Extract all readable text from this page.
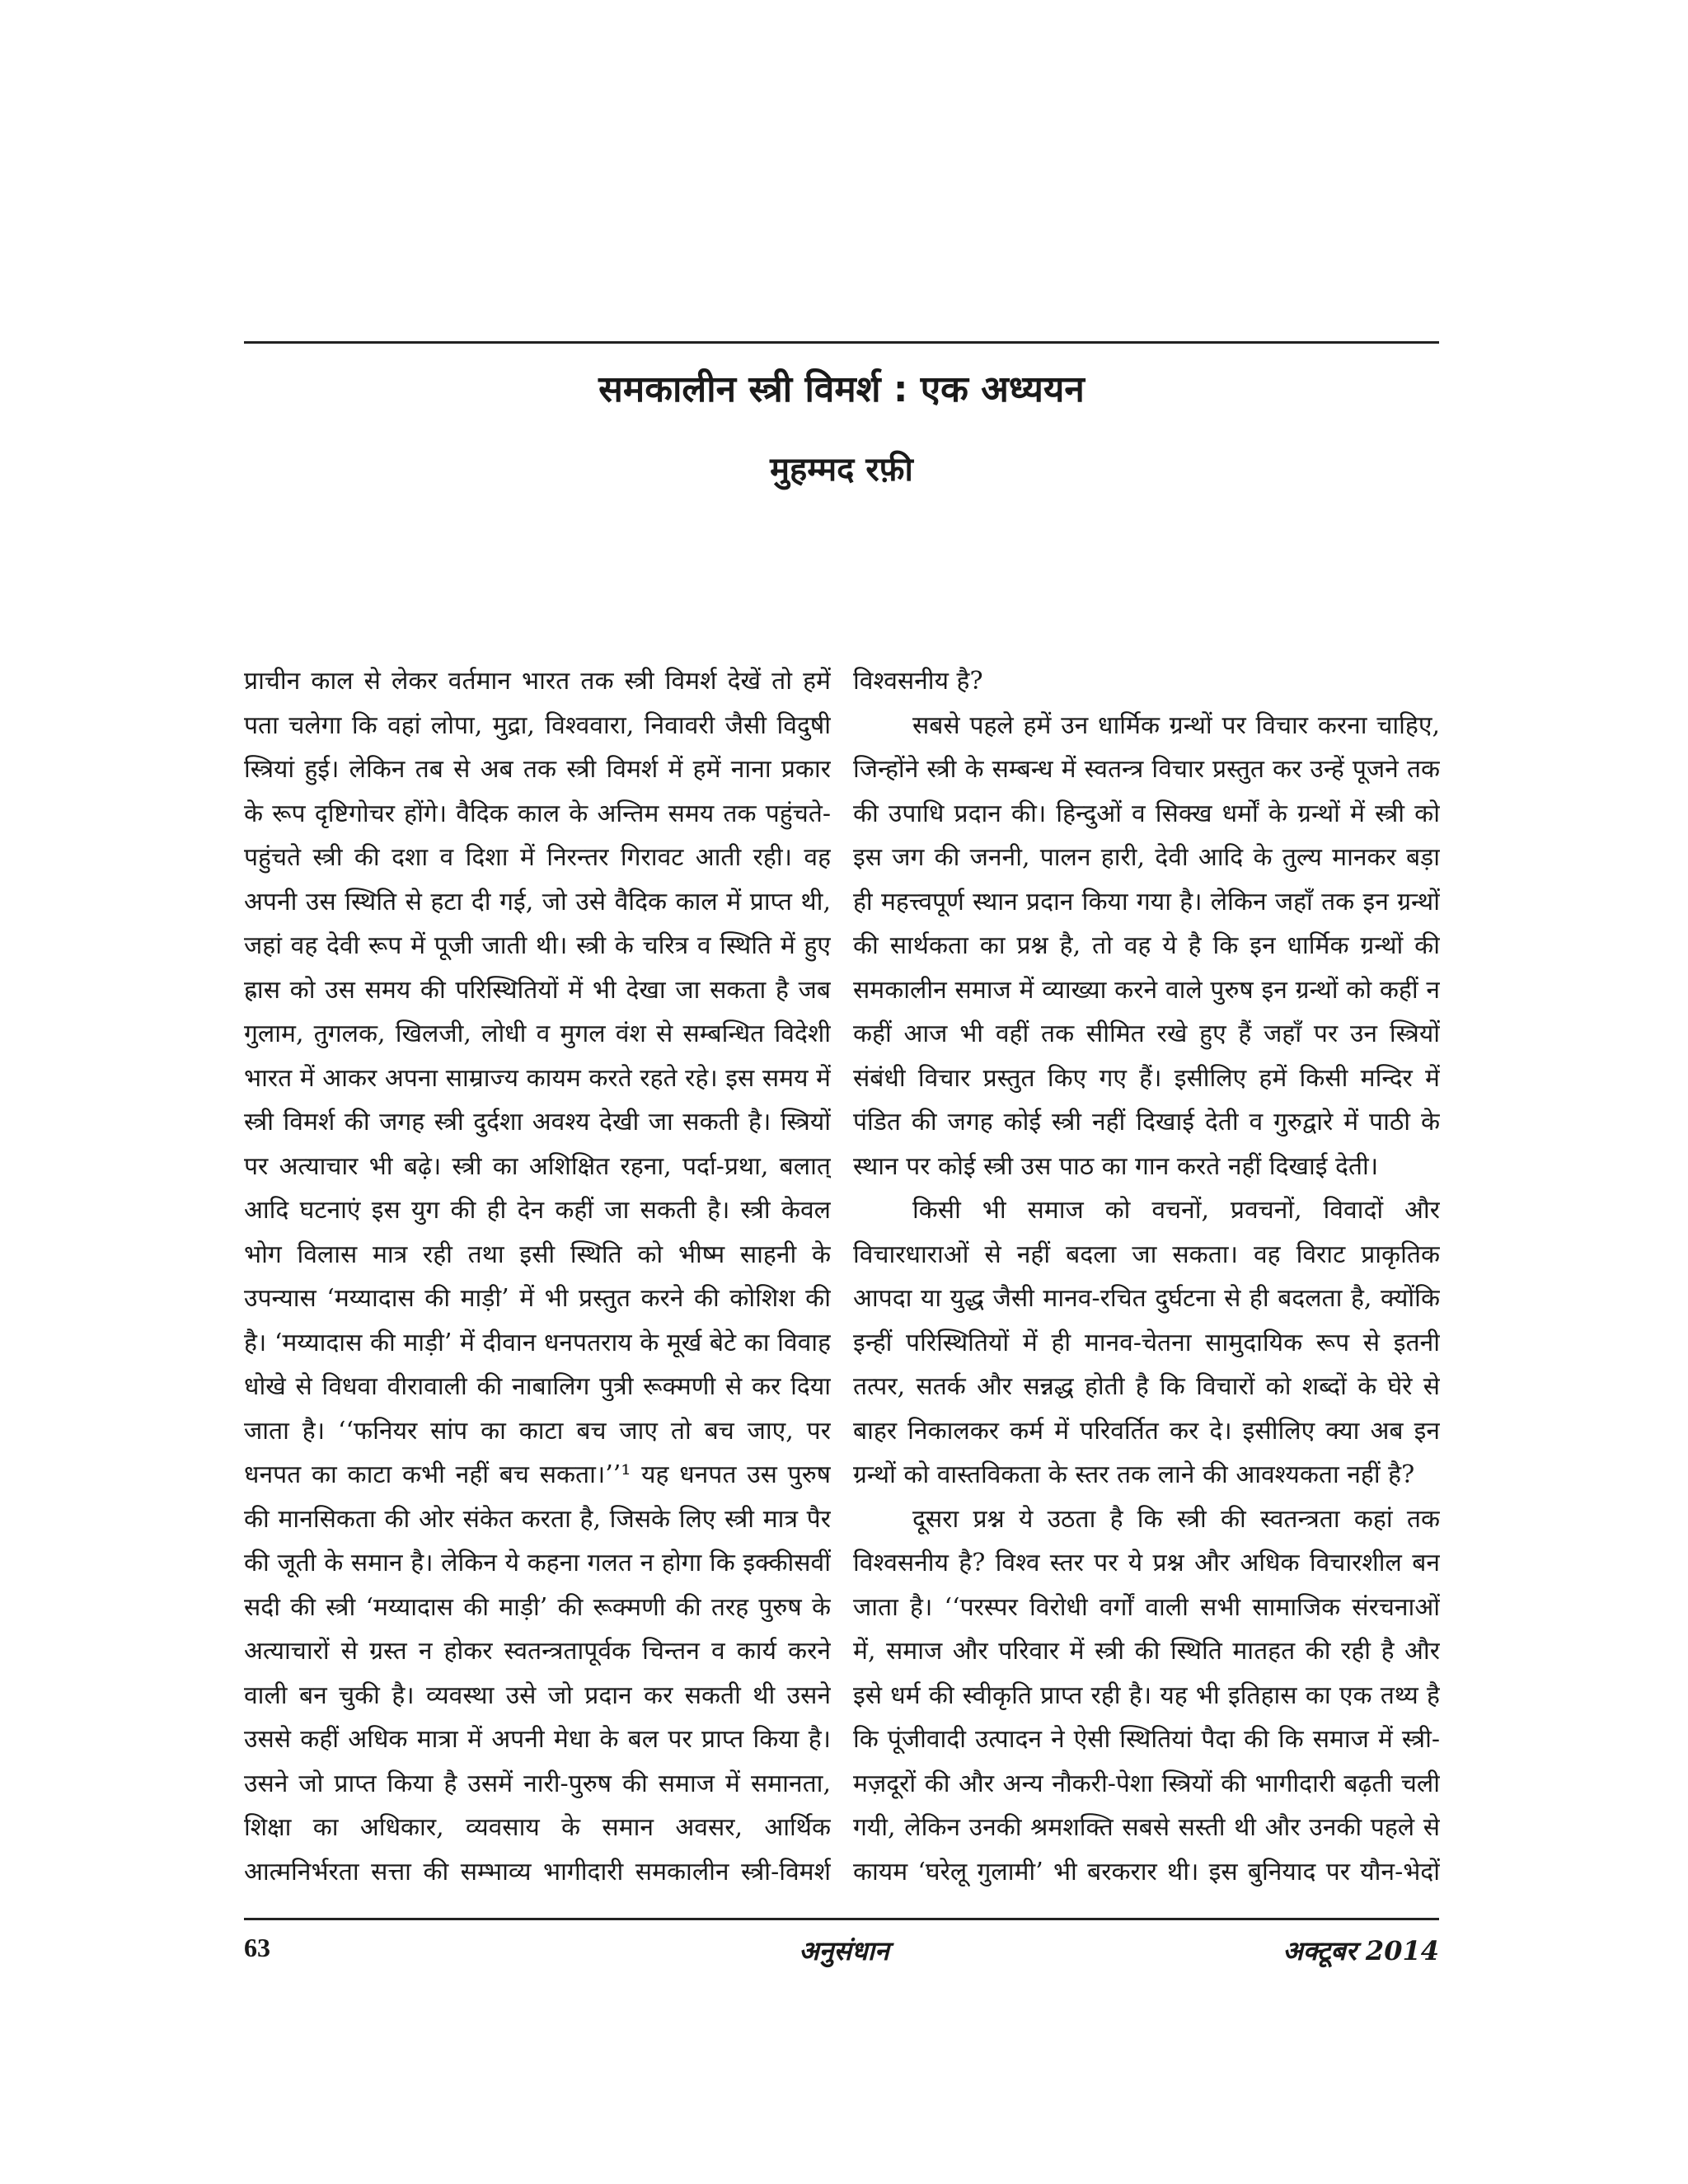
समकालीन स्त्री विमर्श : एक अध्ययन
मुहम्मद रफ़ी

प्राचीन काल से लेकर वर्तमान भारत तक स्त्री विमर्श देखें तो हमें पता चलेगा कि वहां लोपा, मुद्रा, विश्ववारा, निवावरी जैसी विदुषी स्त्रियां हुई। लेकिन तब से अब तक स्त्री विमर्श में हमें नाना प्रकार के रूप दृष्टिगोचर होंगे। वैदिक काल के अन्तिम समय तक पहुंचते-पहुंचते स्त्री की दशा व दिशा में निरन्तर गिरावट आती रही। वह अपनी उस स्थिति से हटा दी गई, जो उसे वैदिक काल में प्राप्त थी, जहां वह देवी रूप में पूजी जाती थी। स्त्री के चरित्र व स्थिति में हुए ह्रास को उस समय की परिस्थितियों में भी देखा जा सकता है जब गुलाम, तुगलक, खिलजी, लोधी व मुगल वंश से सम्बन्धित विदेशी भारत में आकर अपना साम्राज्य कायम करते रहते रहे। इस समय में स्त्री विमर्श की जगह स्त्री दुर्दशा अवश्य देखी जा सकती है। स्त्रियों पर अत्याचार भी बढ़े। स्त्री का अशिक्षित रहना, पर्दा-प्रथा, बलात् आदि घटनाएं इस युग की ही देन कहीं जा सकती है। स्त्री केवल भोग विलास मात्र रही तथा इसी स्थिति को भीष्म साहनी के उपन्यास ‘मय्यादास की माड़ी’ में भी प्रस्तुत करने की कोशिश की है। ‘मय्यादास की माड़ी’ में दीवान धनपतराय के मूर्ख बेटे का विवाह धोखे से विधवा वीरावाली की नाबालिग पुत्री रूक्मणी से कर दिया जाता है। ‘‘फनियर सांप का काटा बच जाए तो बच जाए, पर धनपत का काटा कभी नहीं बच सकता।’’¹ यह धनपत उस पुरुष की मानसिकता की ओर संकेत करता है, जिसके लिए स्त्री मात्र पैर की जूती के समान है। लेकिन ये कहना गलत न होगा कि इक्कीसवीं सदी की स्त्री ‘मय्यादास की माड़ी’ की रूक्मणी की तरह पुरुष के अत्याचारों से ग्रस्त न होकर स्वतन्त्रतापूर्वक चिन्तन व कार्य करने वाली बन चुकी है। व्यवस्था उसे जो प्रदान कर सकती थी उसने उससे कहीं अधिक मात्रा में अपनी मेधा के बल पर प्राप्त किया है। उसने जो प्राप्त किया है उसमें नारी-पुरुष की समाज में समानता, शिक्षा का अधिकार, व्यवसाय के समान अवसर, आर्थिक आत्मनिर्भरता सत्ता की सम्भाव्य भागीदारी समकालीन स्त्री-विमर्श

विश्वसनीय है?

सबसे पहले हमें उन धार्मिक ग्रन्थों पर विचार करना चाहिए, जिन्होंने स्त्री के सम्बन्ध में स्वतन्त्र विचार प्रस्तुत कर उन्हें पूजने तक की उपाधि प्रदान की। हिन्दुओं व सिक्ख धर्मों के ग्रन्थों में स्त्री को इस जग की जननी, पालन हारी, देवी आदि के तुल्य मानकर बड़ा ही महत्त्वपूर्ण स्थान प्रदान किया गया है। लेकिन जहाँ तक इन ग्रन्थों की सार्थकता का प्रश्न है, तो वह ये है कि इन धार्मिक ग्रन्थों की समकालीन समाज में व्याख्या करने वाले पुरुष इन ग्रन्थों को कहीं न कहीं आज भी वहीं तक सीमित रखे हुए हैं जहाँ पर उन स्त्रियों संबंधी विचार प्रस्तुत किए गए हैं। इसीलिए हमें किसी मन्दिर में पंडित की जगह कोई स्त्री नहीं दिखाई देती व गुरुद्वारे में पाठी के स्थान पर कोई स्त्री उस पाठ का गान करते नहीं दिखाई देती।

किसी भी समाज को वचनों, प्रवचनों, विवादों और विचारधाराओं से नहीं बदला जा सकता। वह विराट प्राकृतिक आपदा या युद्ध जैसी मानव-रचित दुर्घटना से ही बदलता है, क्योंकि इन्हीं परिस्थितियों में ही मानव-चेतना सामुदायिक रूप से इतनी तत्पर, सतर्क और सन्नद्ध होती है कि विचारों को शब्दों के घेरे से बाहर निकालकर कर्म में परिवर्तित कर दे। इसीलिए क्या अब इन ग्रन्थों को वास्तविकता के स्तर तक लाने की आवश्यकता नहीं है?

दूसरा प्रश्न ये उठता है कि स्त्री की स्वतन्त्रता कहां तक विश्वसनीय है? विश्व स्तर पर ये प्रश्न और अधिक विचारशील बन जाता है। ‘‘परस्पर विरोधी वर्गों वाली सभी सामाजिक संरचनाओं में, समाज और परिवार में स्त्री की स्थिति मातहत की रही है और इसे धर्म की स्वीकृति प्राप्त रही है। यह भी इतिहास का एक तथ्य है कि पूंजीवादी उत्पादन ने ऐसी स्थितियां पैदा की कि समाज में स्त्री-मज़दूरों की और अन्य नौकरी-पेशा स्त्रियों की भागीदारी बढ़ती चली गयी, लेकिन उनकी श्रमशक्ति सबसे सस्ती थी और उनकी पहले से कायम ‘घरेलू गुलामी’ भी बरकरार थी। इस बुनियाद पर यौन-भेदों

63	अनुसंधान	अक्टूबर 2014
